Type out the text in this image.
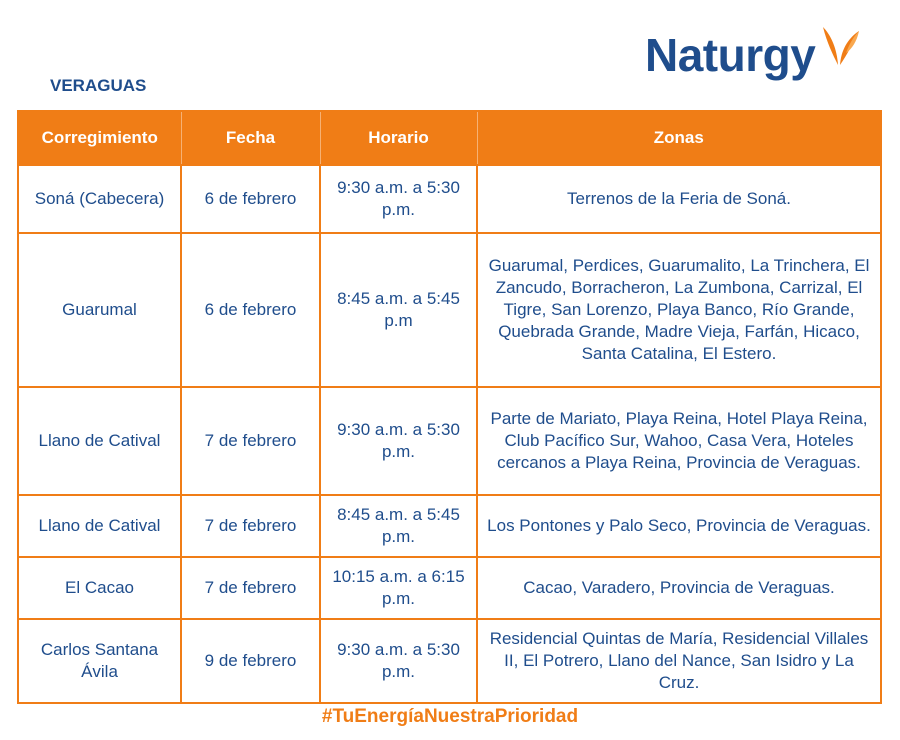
VERAGUAS
Naturgy
Corregimiento	Fecha	Horario	Zonas
Soná (Cabecera)	6 de febrero	9:30 a.m. a 5:30 p.m.	Terrenos de la Feria de Soná.
Guarumal	6 de febrero	8:45 a.m. a 5:45 p.m	Guarumal, Perdices, Guarumalito, La Trinchera, El Zancudo, Borracheron, La Zumbona, Carrizal, El Tigre, San Lorenzo, Playa Banco, Río Grande, Quebrada Grande, Madre Vieja, Farfán, Hicaco, Santa Catalina, El Estero.
Llano de Catival	7 de febrero	9:30 a.m. a 5:30 p.m.	Parte de Mariato, Playa Reina, Hotel Playa Reina, Club Pacífico Sur, Wahoo, Casa Vera, Hoteles cercanos a Playa Reina, Provincia de Veraguas.
Llano de Catival	7 de febrero	8:45 a.m. a 5:45 p.m.	Los Pontones y Palo Seco, Provincia de Veraguas.
El Cacao	7 de febrero	10:15 a.m. a 6:15 p.m.	Cacao, Varadero, Provincia de Veraguas.
Carlos Santana Ávila	9 de febrero	9:30 a.m. a 5:30 p.m.	Residencial Quintas de María, Residencial Villales II, El Potrero, Llano del Nance, San Isidro y La Cruz.
#TuEnergíaNuestraPrioridad
